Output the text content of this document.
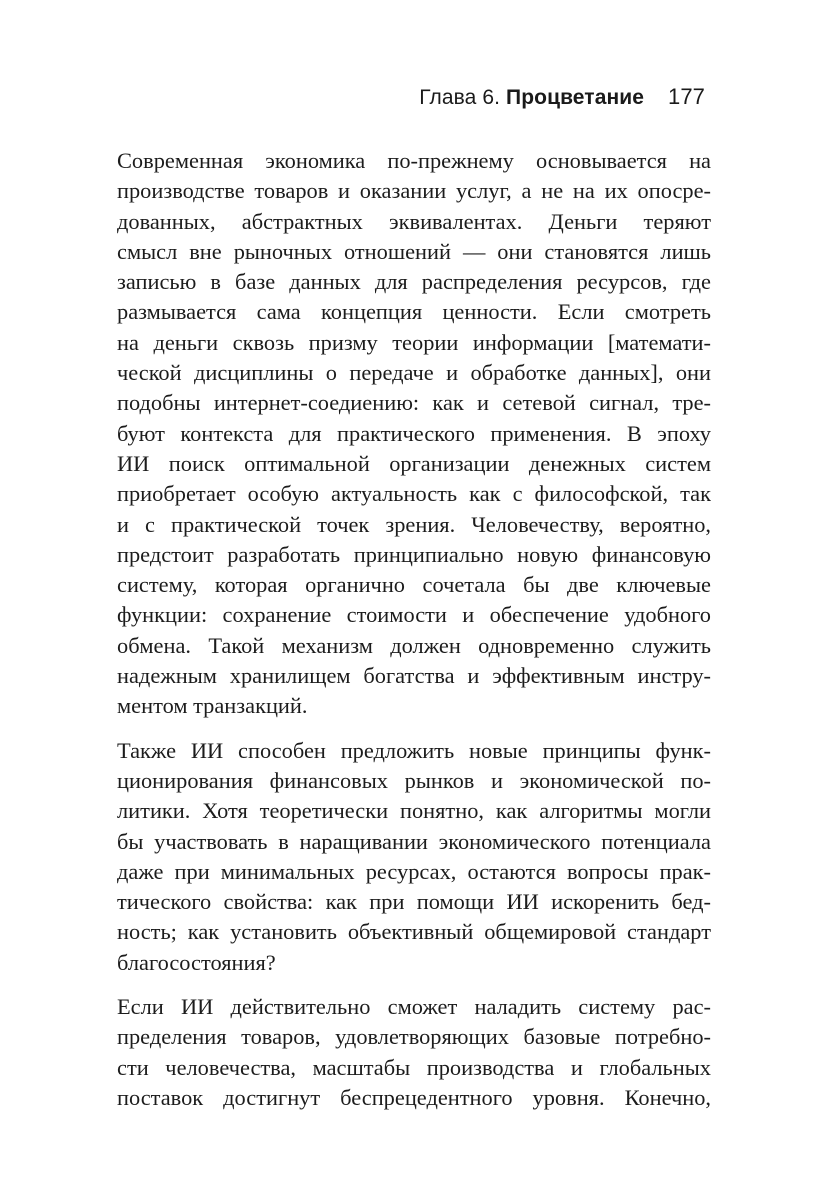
Глава 6. Процветание 177
Современная экономика по-прежнему основывается на
производстве товаров и оказании услуг, а не на их опосре-
дованных, абстрактных эквивалентах. Деньги теряют
смысл вне рыночных отношений — они становятся лишь
записью в базе данных для распределения ресурсов, где
размывается сама концепция ценности. Если смотреть
на деньги сквозь призму теории информации [математи-
ческой дисциплины о передаче и обработке данных], они
подобны интернет-соедиению: как и сетевой сигнал, тре-
буют контекста для практического применения. В эпоху
ИИ поиск оптимальной организации денежных систем
приобретает особую актуальность как с философской, так
и с практической точек зрения. Человечеству, вероятно,
предстоит разработать принципиально новую финансовую
систему, которая органично сочетала бы две ключевые
функции: сохранение стоимости и обеспечение удобного
обмена. Такой механизм должен одновременно служить
надежным хранилищем богатства и эффективным инстру-
ментом транзакций.
Также ИИ способен предложить новые принципы функ-
ционирования финансовых рынков и экономической по-
литики. Хотя теоретически понятно, как алгоритмы могли
бы участвовать в наращивании экономического потенциала
даже при минимальных ресурсах, остаются вопросы прак-
тического свойства: как при помощи ИИ искоренить бед-
ность; как установить объективный общемировой стандарт
благосостояния?
Если ИИ действительно сможет наладить систему рас-
пределения товаров, удовлетворяющих базовые потребно-
сти человечества, масштабы производства и глобальных
поставок достигнут беспрецедентного уровня. Конечно,
